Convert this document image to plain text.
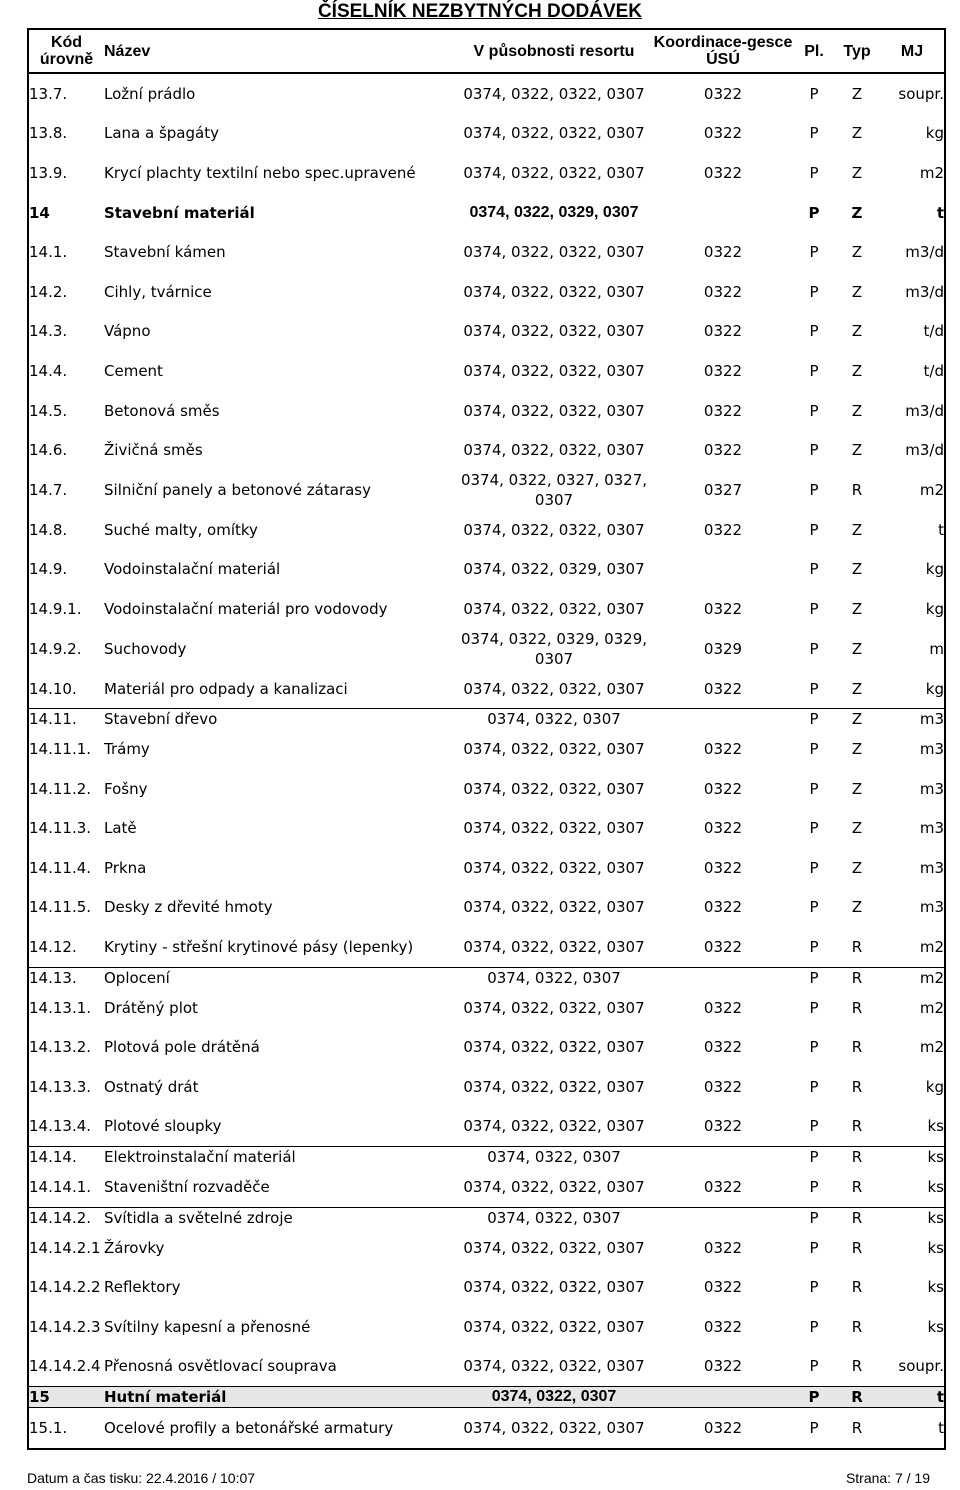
ČÍSELNÍK NEZBYTNÝCH DODÁVEK
Kód úrovně	Název	V působnosti resortu	Koordinace-gesce ÚSÚ	Pl.	Typ	MJ
13.7.	Ložní prádlo	0374, 0322, 0322, 0307	0322	P	Z	soupr.
13.8.	Lana a špagáty	0374, 0322, 0322, 0307	0322	P	Z	kg
13.9.	Krycí plachty textilní nebo spec.upravené	0374, 0322, 0322, 0307	0322	P	Z	m2
14	Stavební materiál	0374, 0322, 0329, 0307		P	Z	t
14.1.	Stavební kámen	0374, 0322, 0322, 0307	0322	P	Z	m3/d
14.2.	Cihly, tvárnice	0374, 0322, 0322, 0307	0322	P	Z	m3/d
14.3.	Vápno	0374, 0322, 0322, 0307	0322	P	Z	t/d
14.4.	Cement	0374, 0322, 0322, 0307	0322	P	Z	t/d
14.5.	Betonová směs	0374, 0322, 0322, 0307	0322	P	Z	m3/d
14.6.	Živičná směs	0374, 0322, 0322, 0307	0322	P	Z	m3/d
14.7.	Silniční panely a betonové zátarasy	0374, 0322, 0327, 0327, 0307	0327	P	R	m2
14.8.	Suché malty, omítky	0374, 0322, 0322, 0307	0322	P	Z	t
14.9.	Vodoinstalační materiál	0374, 0322, 0329, 0307		P	Z	kg
14.9.1.	Vodoinstalační materiál pro vodovody	0374, 0322, 0322, 0307	0322	P	Z	kg
14.9.2.	Suchovody	0374, 0322, 0329, 0329, 0307	0329	P	Z	m
14.10.	Materiál pro odpady a kanalizaci	0374, 0322, 0322, 0307	0322	P	Z	kg
14.11.	Stavební dřevo	0374, 0322, 0307		P	Z	m3
14.11.1.	Trámy	0374, 0322, 0322, 0307	0322	P	Z	m3
14.11.2.	Fošny	0374, 0322, 0322, 0307	0322	P	Z	m3
14.11.3.	Latě	0374, 0322, 0322, 0307	0322	P	Z	m3
14.11.4.	Prkna	0374, 0322, 0322, 0307	0322	P	Z	m3
14.11.5.	Desky z dřevité hmoty	0374, 0322, 0322, 0307	0322	P	Z	m3
14.12.	Krytiny - střešní krytinové pásy (lepenky)	0374, 0322, 0322, 0307	0322	P	R	m2
14.13.	Oplocení	0374, 0322, 0307		P	R	m2
14.13.1.	Drátěný plot	0374, 0322, 0322, 0307	0322	P	R	m2
14.13.2.	Plotová pole drátěná	0374, 0322, 0322, 0307	0322	P	R	m2
14.13.3.	Ostnatý drát	0374, 0322, 0322, 0307	0322	P	R	kg
14.13.4.	Plotové sloupky	0374, 0322, 0322, 0307	0322	P	R	ks
14.14.	Elektroinstalační materiál	0374, 0322, 0307		P	R	ks
14.14.1.	Staveništní rozvaděče	0374, 0322, 0322, 0307	0322	P	R	ks
14.14.2.	Svítidla a světelné zdroje	0374, 0322, 0307		P	R	ks
14.14.2.1	Žárovky	0374, 0322, 0322, 0307	0322	P	R	ks
14.14.2.2	Reflektory	0374, 0322, 0322, 0307	0322	P	R	ks
14.14.2.3	Svítilny kapesní a přenosné	0374, 0322, 0322, 0307	0322	P	R	ks
14.14.2.4	Přenosná osvětlovací souprava	0374, 0322, 0322, 0307	0322	P	R	soupr.
15	Hutní materiál	0374, 0322, 0307		P	R	t
15.1.	Ocelové profily a betonářské armatury	0374, 0322, 0322, 0307	0322	P	R	t
Datum a čas tisku: 22.4.2016 / 10:07	Strana: 7 / 19
